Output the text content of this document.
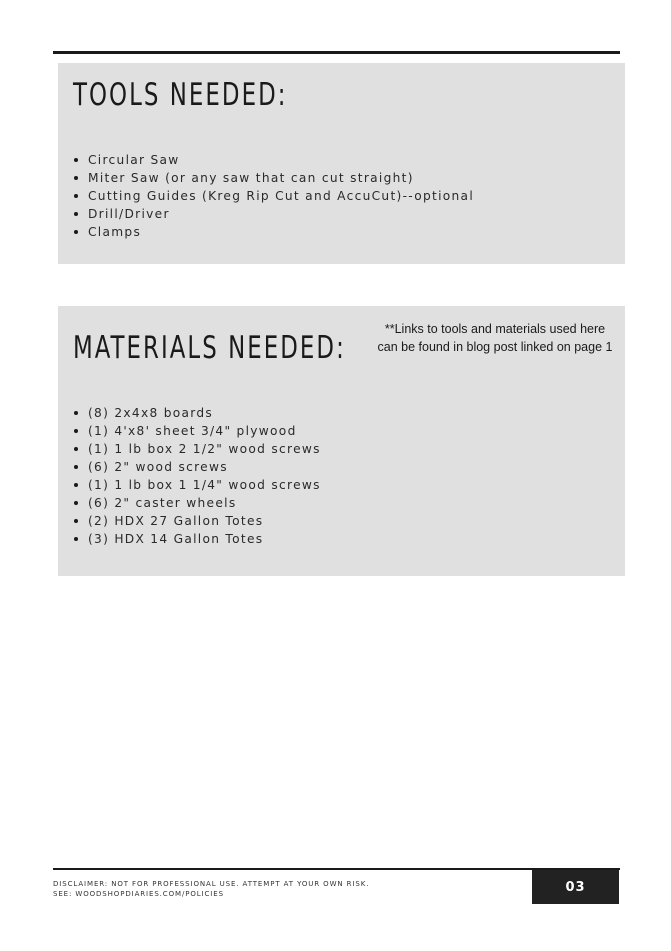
TOOLS NEEDED:
Circular Saw
Miter Saw (or any saw that can cut straight)
Cutting Guides (Kreg Rip Cut and AccuCut)--optional
Drill/Driver
Clamps
MATERIALS NEEDED:
**Links to tools and materials used here
can be found in blog post linked on page 1
(8) 2x4x8 boards
(1) 4'x8' sheet 3/4" plywood
(1) 1 lb box 2 1/2" wood screws
(6) 2" wood screws
(1) 1 lb box 1 1/4" wood screws
(6) 2" caster wheels
(2) HDX 27 Gallon Totes
(3) HDX 14 Gallon Totes
DISCLAIMER: NOT FOR PROFESSIONAL USE. ATTEMPT AT YOUR OWN RISK.
SEE: WOODSHOPDIARIES.COM/POLICIES	03
